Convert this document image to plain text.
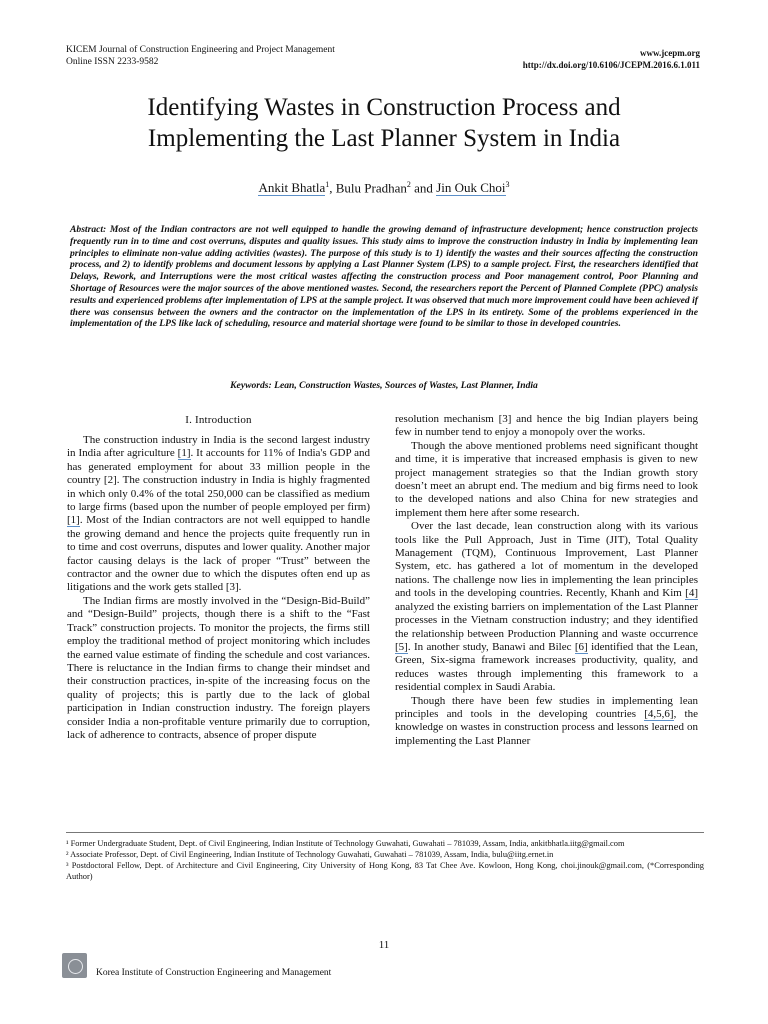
KICEM Journal of Construction Engineering and Project Management
Online ISSN 2233-9582
www.jcepm.org
http://dx.doi.org/10.6106/JCEPM.2016.6.1.011
Identifying Wastes in Construction Process and
Implementing the Last Planner System in India
Ankit Bhatla$^1$, Bulu Pradhan$^2$ and Jin Ouk Choi$^3$

Abstract: Most of the Indian contractors are not well equipped to handle the growing demand of infrastructure development; hence construction projects frequently run in to time and cost overruns, disputes and quality issues. This study aims to improve the construction industry in India by implementing lean principles to eliminate non-value adding activities (wastes). The purpose of this study is to 1) identify the wastes and their sources affecting the construction process, and 2) to identify problems and document lessons by applying a Last Planner System (LPS) to a sample project. First, the researchers identified that Delays, Rework, and Interruptions were the most critical wastes affecting the construction process and Poor management control, Poor Planning and Shortage of Resources were the major sources of the above mentioned wastes. Second, the researchers report the Percent of Planned Complete (PPC) analysis results and experienced problems after implementation of LPS at the sample project. It was observed that much more improvement could have been achieved if there was consensus between the owners and the contractor on the implementation of the LPS in its entirety. Some of the problems experienced in the implementation of the LPS like lack of scheduling, resource and material shortage were found to be similar to those in developed countries.

Keywords: Lean, Construction Wastes, Sources of Wastes, Last Planner, India

I. Introduction

The construction industry in India is the second largest industry in India after agriculture [1]. It accounts for 11% of India's GDP and has generated employment for about 33 million people in the country [2]. The construction industry in India is highly fragmented in which only 0.4% of the total 250,000 can be classified as medium to large firms (based upon the number of people employed per firm) [1]. Most of the Indian contractors are not well equipped to handle the growing demand and hence the projects quite frequently run in to time and cost overruns, disputes and lower quality. Another major factor causing delays is the lack of proper “Trust” between the contractor and the owner due to which the disputes often end up as litigations and the work gets stalled [3].

The Indian firms are mostly involved in the “Design-Bid-Build” and “Design-Build” projects, though there is a shift to the “Fast Track” construction projects. To monitor the projects, the firms still employ the traditional method of project monitoring which includes the earned value estimate of finding the schedule and cost variances. There is reluctance in the Indian firms to change their mindset and their construction practices, in-spite of the increasing focus on the quality of projects; this is partly due to the lack of global participation in Indian construction industry. The foreign players consider India a non-profitable venture primarily due to corruption, lack of adherence to contracts, absence of proper dispute

resolution mechanism [3] and hence the big Indian players being few in number tend to enjoy a monopoly over the works.

Though the above mentioned problems need significant thought and time, it is imperative that increased emphasis is given to new project management strategies so that the Indian growth story doesn’t meet an abrupt end. The medium and big firms need to look to the developed nations and also China for new strategies and implement them here after some research.

Over the last decade, lean construction along with its various tools like the Pull Approach, Just in Time (JIT), Total Quality Management (TQM), Continuous Improvement, Last Planner System, etc. has gathered a lot of momentum in the developed nations. The challenge now lies in implementing the lean principles and tools in the developing countries. Recently, Khanh and Kim [4] analyzed the existing barriers on implementation of the Last Planner processes in the Vietnam construction industry; and they identified the relationship between Production Planning and waste occurrence [5]. In another study, Banawi and Bilec [6] identified that the Lean, Green, Six-sigma framework increases productivity, quality, and reduces wastes through implementing this framework to a residential complex in Saudi Arabia.

Though there have been few studies in implementing lean principles and tools in the developing countries [4,5,6], the knowledge on wastes in construction process and lessons learned on implementing the Last Planner

¹ Former Undergraduate Student, Dept. of Civil Engineering, Indian Institute of Technology Guwahati, Guwahati – 781039, Assam, India, ankitbhatla.iitg@gmail.com
² Associate Professor, Dept. of Civil Engineering, Indian Institute of Technology Guwahati, Guwahati – 781039, Assam, India, bulu@iitg.ernet.in
³ Postdoctoral Fellow, Dept. of Architecture and Civil Engineering, City University of Hong Kong, 83 Tat Chee Ave. Kowloon, Hong Kong, choi.jinouk@gmail.com, (*Corresponding Author)
11
Korea Institute of Construction Engineering and Management
